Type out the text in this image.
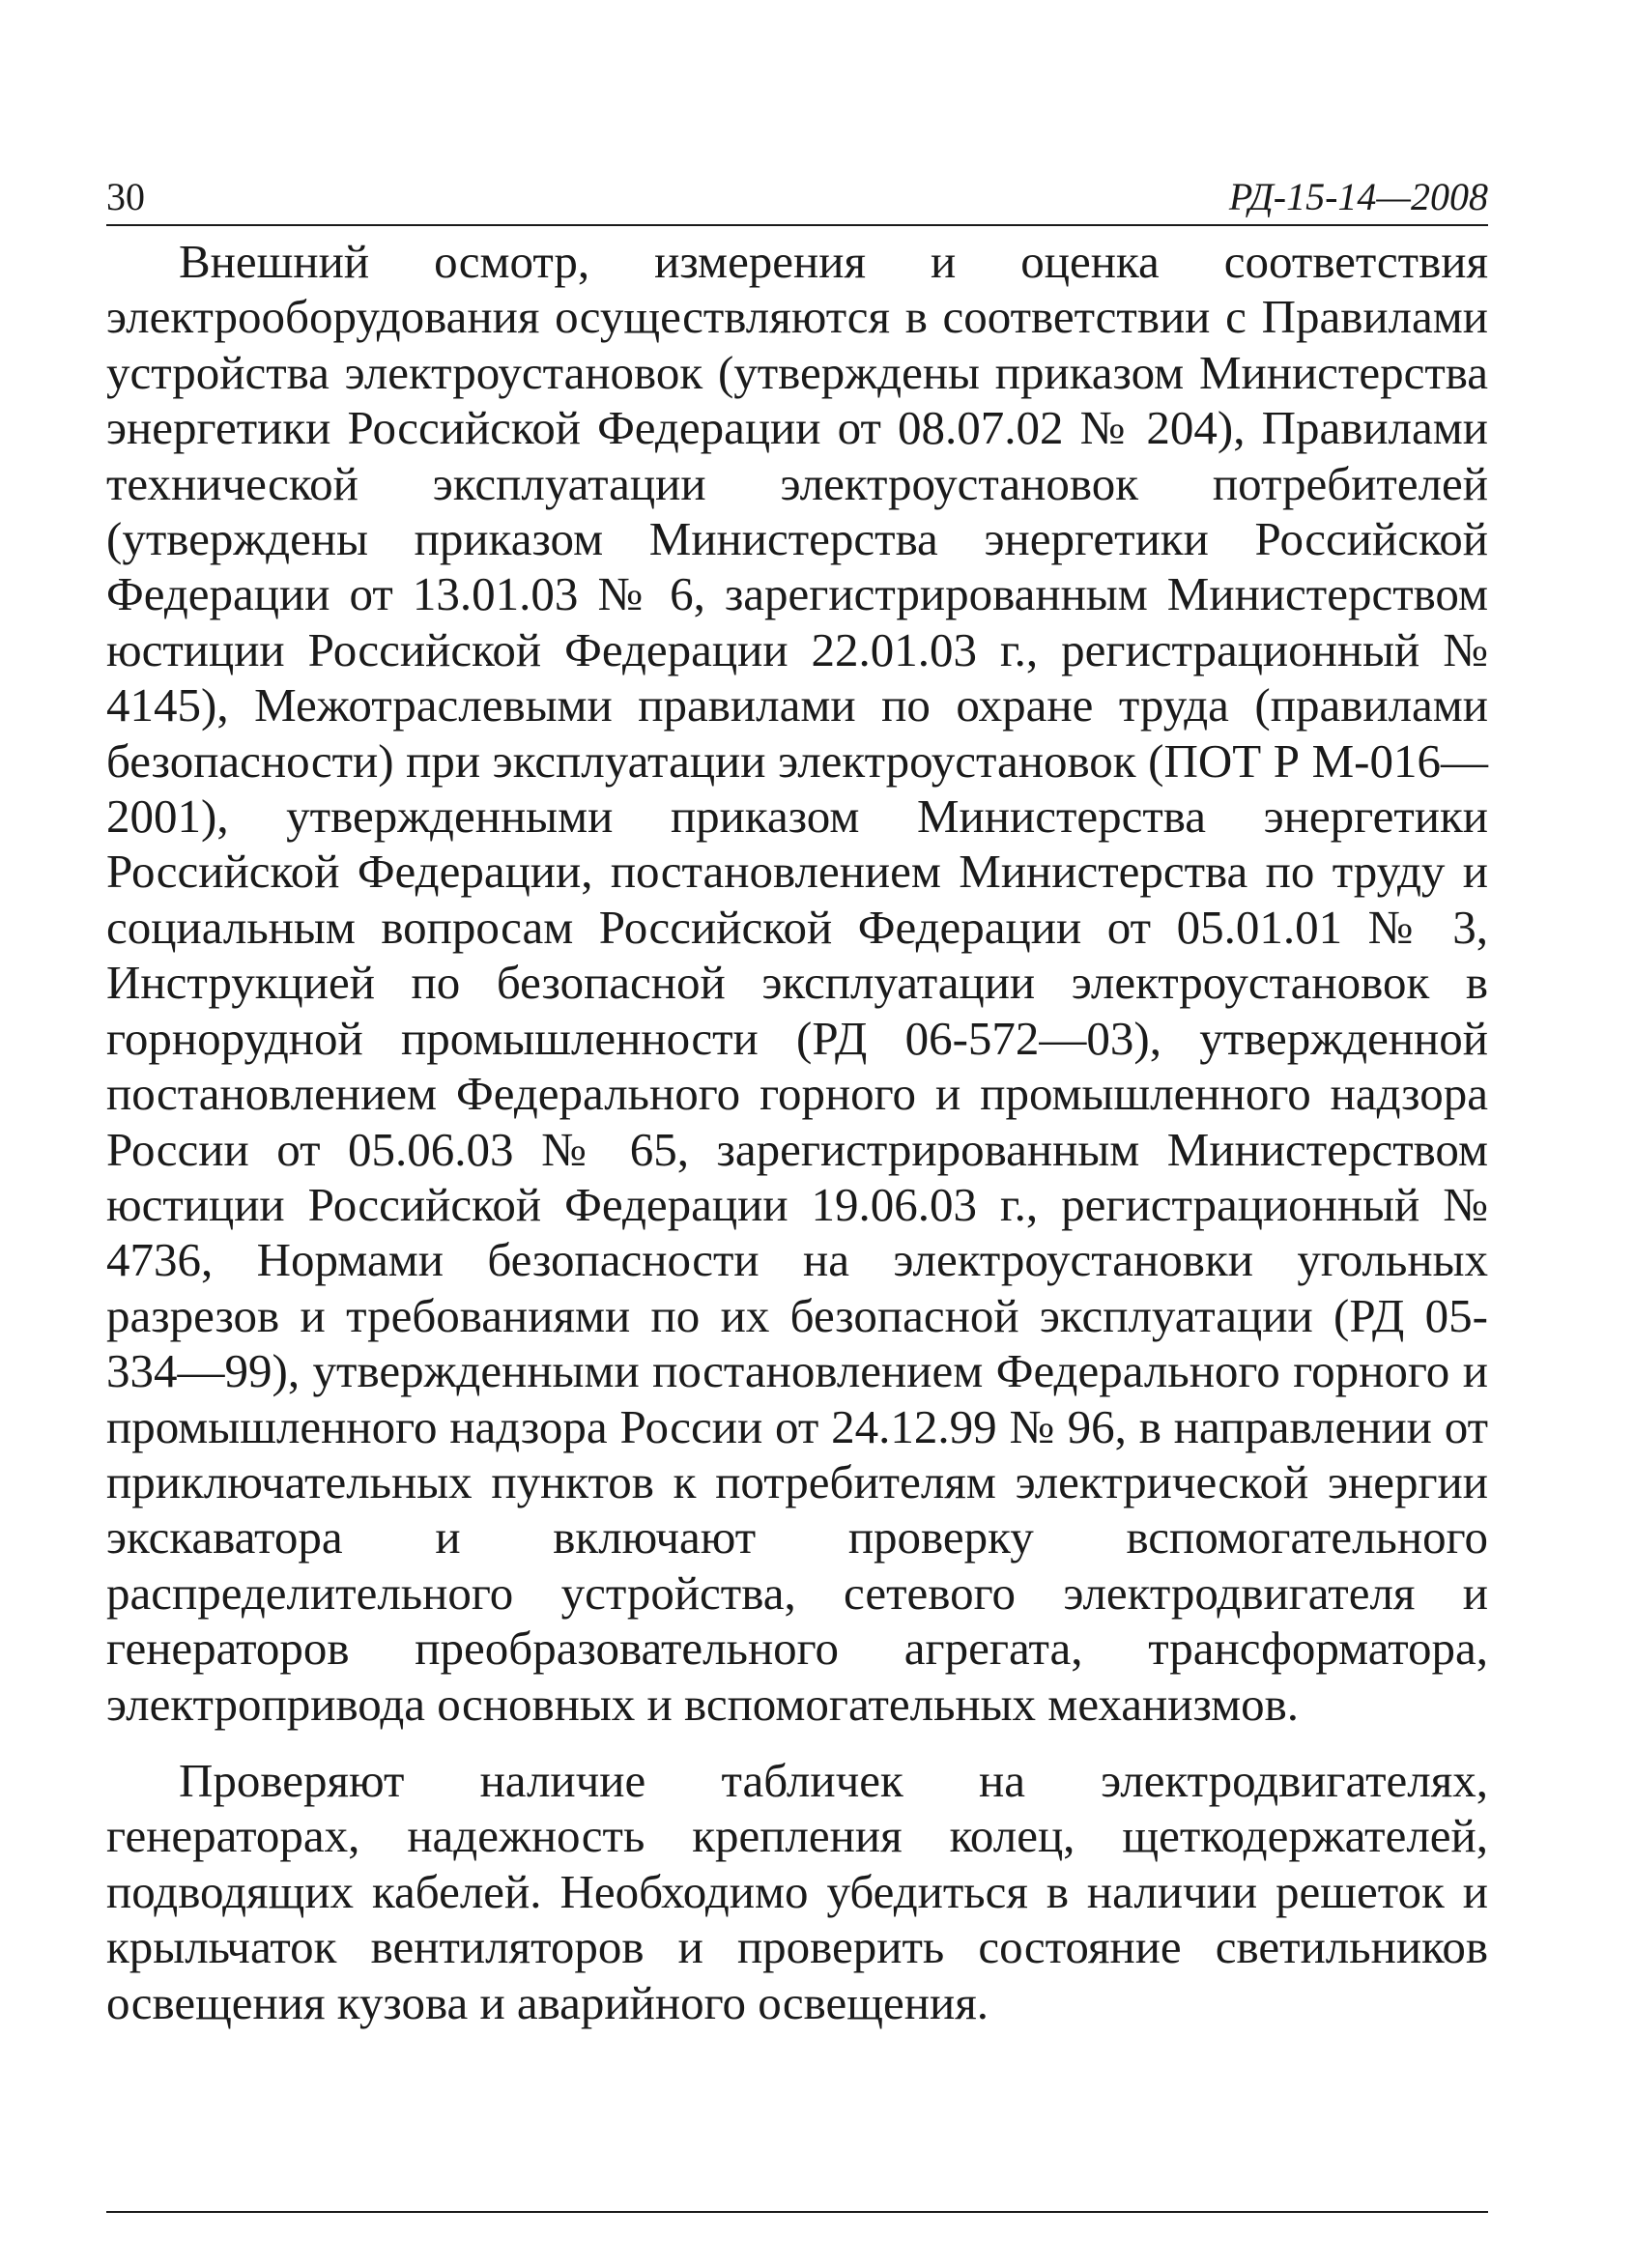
30	РД-15-14—2008

Внешний осмотр, измерения и оценка соответствия электрооборудования осуществляются в соответствии с Правилами устройства электроустановок (утверждены приказом Министерства энергетики Российской Федерации от 08.07.02 № 204), Правилами технической эксплуатации электроустановок потребителей (утверждены приказом Министерства энергетики Российской Федерации от 13.01.03 № 6, зарегистрированным Министерством юстиции Российской Федерации 22.01.03 г., регистрационный № 4145), Межотраслевыми правилами по охране труда (правилами безопасности) при эксплуатации электроустановок (ПОТ Р М-016—2001), утвержденными приказом Министерства энергетики Российской Федерации, постановлением Министерства по труду и социальным вопросам Российской Федерации от 05.01.01 № 3, Инструкцией по безопасной эксплуатации электроустановок в горнорудной промышленности (РД 06-572—03), утвержденной постановлением Федерального горного и промышленного надзора России от 05.06.03 № 65, зарегистрированным Министерством юстиции Российской Федерации 19.06.03 г., регистрационный № 4736, Нормами безопасности на электроустановки угольных разрезов и требованиями по их безопасной эксплуатации (РД 05-334—99), утвержденными постановлением Федерального горного и промышленного надзора России от 24.12.99 № 96, в направлении от приключательных пунктов к потребителям электрической энергии экскаватора и включают проверку вспомогательного распределительного устройства, сетевого электродвигателя и генераторов преобразовательного агрегата, трансформатора, электропривода основных и вспомогательных механизмов.

Проверяют наличие табличек на электродвигателях, генераторах, надежность крепления колец, щеткодержателей, подводящих кабелей. Необходимо убедиться в наличии решеток и крыльчаток вентиляторов и проверить состояние светильников освещения кузова и аварийного освещения.
